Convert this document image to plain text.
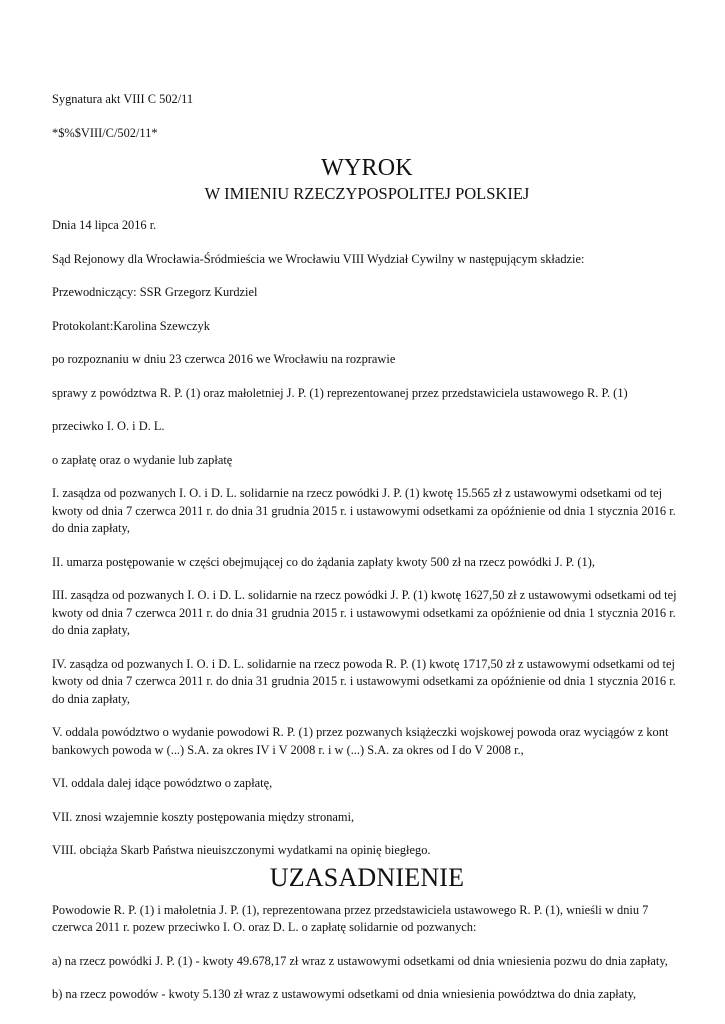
Sygnatura akt VIII C 502/11

*$%$VIII/C/502/11*

WYROK
W IMIENIU RZECZYPOSPOLITEJ POLSKIEJ

Dnia 14 lipca 2016 r.

Sąd Rejonowy dla Wrocławia-Śródmieścia we Wrocławiu VIII Wydział Cywilny w następującym składzie:

Przewodniczący: SSR Grzegorz Kurdziel

Protokolant:Karolina Szewczyk

po rozpoznaniu w dniu 23 czerwca 2016 we Wrocławiu na rozprawie

sprawy z powództwa R. P. (1) oraz małoletniej J. P. (1) reprezentowanej przez przedstawiciela ustawowego R. P. (1)

przeciwko I. O. i D. L.

o zapłatę oraz o wydanie lub zapłatę

I. zasądza od pozwanych I. O. i D. L. solidarnie na rzecz powódki J. P. (1) kwotę 15.565 zł z ustawowymi odsetkami od tej kwoty od dnia 7 czerwca 2011 r. do dnia 31 grudnia 2015 r. i ustawowymi odsetkami za opóźnienie od dnia 1 stycznia 2016 r. do dnia zapłaty,

II. umarza postępowanie w części obejmującej co do żądania zapłaty kwoty 500 zł na rzecz powódki J. P. (1),

III. zasądza od pozwanych I. O. i D. L. solidarnie na rzecz powódki J. P. (1) kwotę 1627,50 zł z ustawowymi odsetkami od tej kwoty od dnia 7 czerwca 2011 r. do dnia 31 grudnia 2015 r. i ustawowymi odsetkami za opóźnienie od dnia 1 stycznia 2016 r. do dnia zapłaty,

IV. zasądza od pozwanych I. O. i D. L. solidarnie na rzecz powoda R. P. (1) kwotę 1717,50 zł z ustawowymi odsetkami od tej kwoty od dnia 7 czerwca 2011 r. do dnia 31 grudnia 2015 r. i ustawowymi odsetkami za opóźnienie od dnia 1 stycznia 2016 r. do dnia zapłaty,

V. oddala powództwo o wydanie powodowi R. P. (1) przez pozwanych książeczki wojskowej powoda oraz wyciągów z kont bankowych powoda w (...) S.A. za okres IV i V 2008 r. i w (...) S.A. za okres od I do V 2008 r.,

VI. oddala dalej idące powództwo o zapłatę,

VII. znosi wzajemnie koszty postępowania między stronami,

VIII. obciąża Skarb Państwa nieuiszczonymi wydatkami na opinię biegłego.

UZASADNIENIE

Powodowie R. P. (1) i małoletnia J. P. (1), reprezentowana przez przedstawiciela ustawowego R. P. (1), wnieśli w dniu 7 czerwca 2011 r. pozew przeciwko I. O. oraz D. L. o zapłatę solidarnie od pozwanych:

a) na rzecz powódki J. P. (1) - kwoty 49.678,17 zł wraz z ustawowymi odsetkami od dnia wniesienia pozwu do dnia zapłaty,

b) na rzecz powodów - kwoty 5.130 zł wraz z ustawowymi odsetkami od dnia wniesienia powództwa do dnia zapłaty,
